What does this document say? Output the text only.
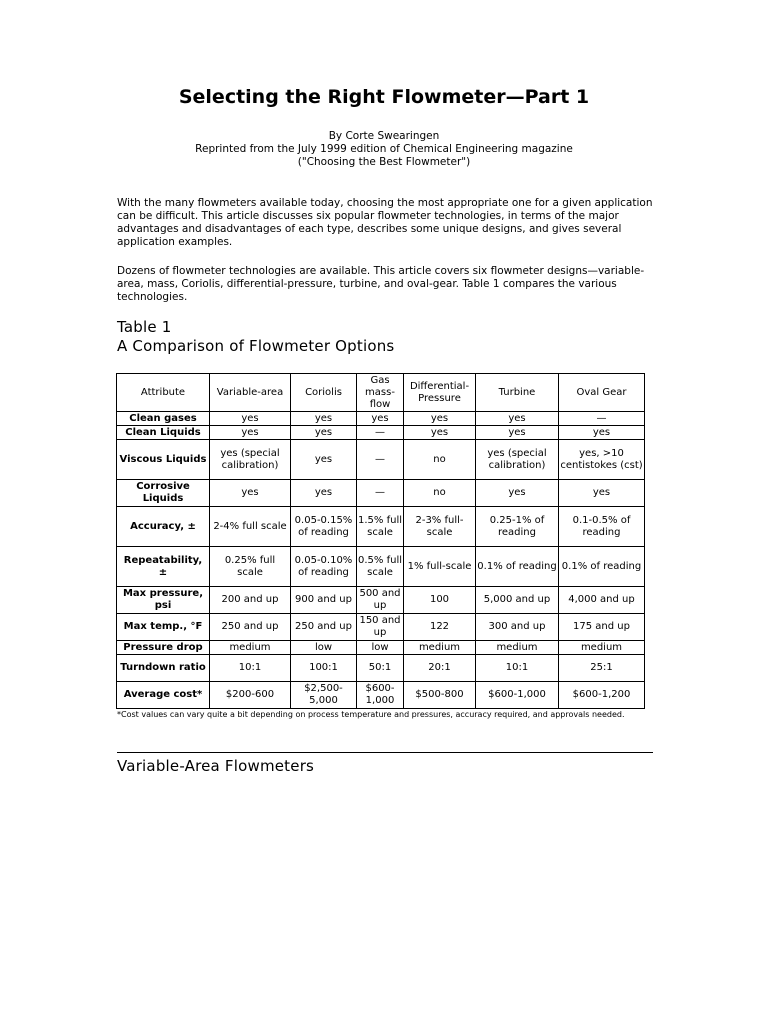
Selecting the Right Flowmeter—Part 1
By Corte Swearingen
Reprinted from the July 1999 edition of Chemical Engineering magazine
("Choosing the Best Flowmeter")
With the many flowmeters available today, choosing the most appropriate one for a given application can be difficult. This article discusses six popular flowmeter technologies, in terms of the major advantages and disadvantages of each type, describes some unique designs, and gives several application examples.
Dozens of flowmeter technologies are available. This article covers six flowmeter designs—variable-area, mass, Coriolis, differential-pressure, turbine, and oval-gear. Table 1 compares the various technologies.
Table 1
A Comparison of Flowmeter Options
Attribute	Variable-area	Coriolis	Gas mass-flow	Differential-Pressure	Turbine	Oval Gear
Clean gases	yes	yes	yes	yes	yes	—
Clean Liquids	yes	yes	—	yes	yes	yes
Viscous Liquids	yes (special calibration)	yes	—	no	yes (special calibration)	yes, >10 centistokes (cst)
Corrosive Liquids	yes	yes	—	no	yes	yes
Accuracy, ±	2-4% full scale	0.05-0.15% of reading	1.5% full scale	2-3% full-scale	0.25-1% of reading	0.1-0.5% of reading
Repeatability, ±	0.25% full scale	0.05-0.10% of reading	0.5% full scale	1% full-scale	0.1% of reading	0.1% of reading
Max pressure, psi	200 and up	900 and up	500 and up	100	5,000 and up	4,000 and up
Max temp., °F	250 and up	250 and up	150 and up	122	300 and up	175 and up
Pressure drop	medium	low	low	medium	medium	medium
Turndown ratio	10:1	100:1	50:1	20:1	10:1	25:1
Average cost*	$200-600	$2,500-5,000	$600-1,000	$500-800	$600-1,000	$600-1,200
*Cost values can vary quite a bit depending on process temperature and pressures, accuracy required, and approvals needed.
Variable-Area Flowmeters
